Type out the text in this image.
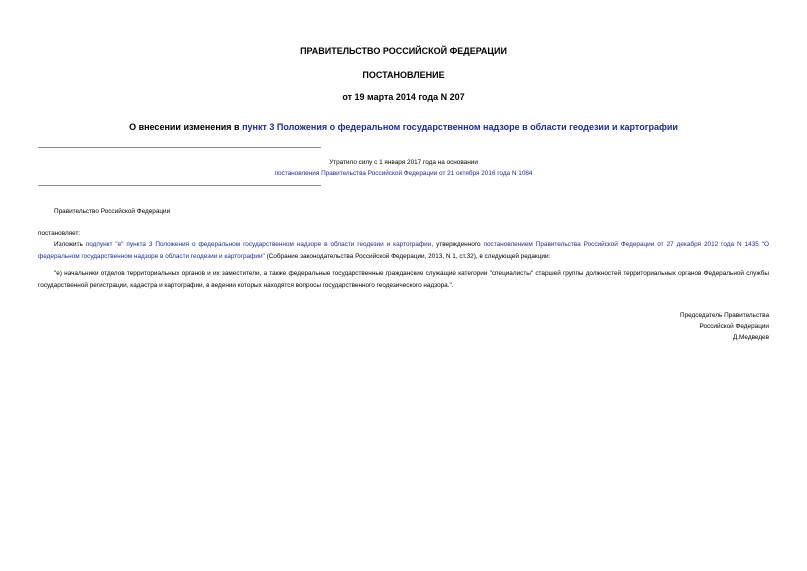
ПРАВИТЕЛЬСТВО РОССИЙСКОЙ ФЕДЕРАЦИИ
ПОСТАНОВЛЕНИЕ
от 19 марта 2014 года N 207
О внесении изменения в пункт 3 Положения о федеральном государственном надзоре в области геодезии и картографии
Утратило силу с 1 января 2017 года на основании
постановления Правительства Российской Федерации от 21 октября 2016 года N 1084
Правительство Российской Федерации
постановляет:
Изложить подпункт "е" пункта 3 Положения о федеральном государственном надзоре в области геодезии и картографии, утвержденного постановлением Правительства Российской Федерации от 27 декабря 2012 года N 1435 "О федеральном государственном надзоре в области геодезии и картографии" (Собрание законодательства Российской Федерации, 2013, N 1, ст.32), в следующей редакции:
"е) начальники отделов территориальных органов и их заместители, а также федеральные государственные гражданские служащие категории "специалисты" старшей группы должностей территориальных органов Федеральной службы государственной регистрации, кадастра и картографии, в ведении которых находятся вопросы государственного геодезического надзора.".
Председатель Правительства
Российской Федерации
Д.Медведев
